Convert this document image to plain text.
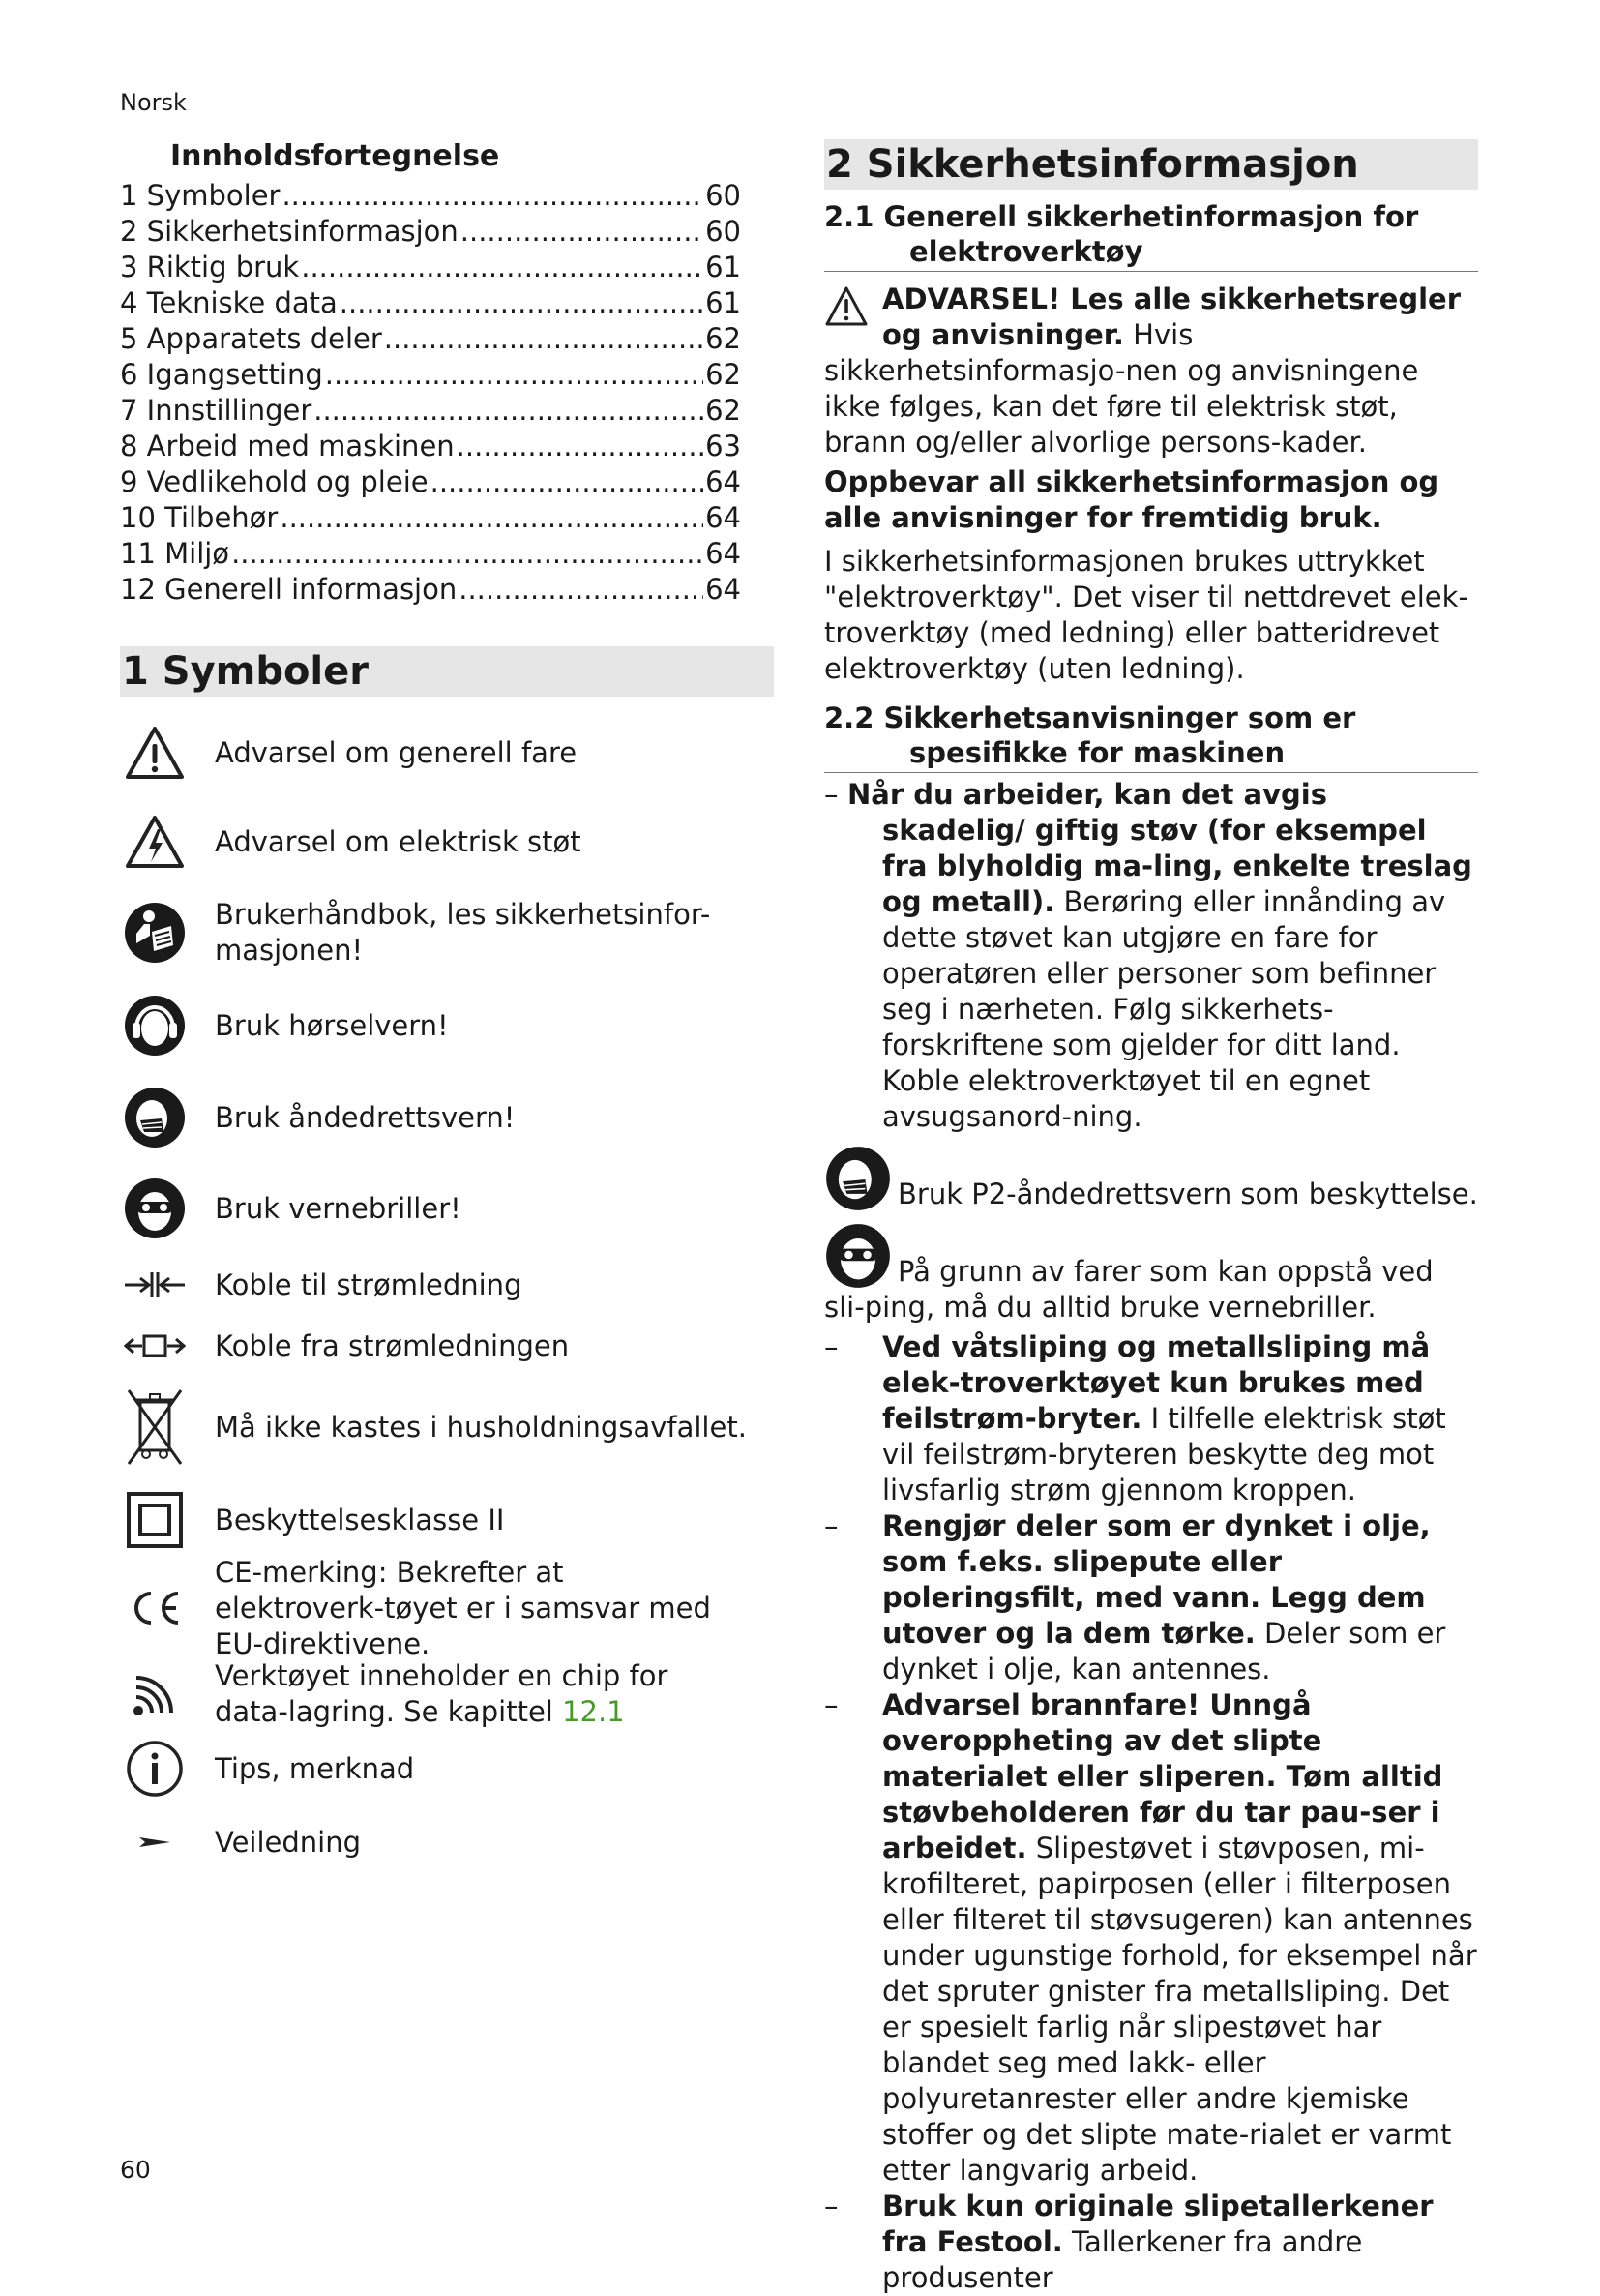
Norsk
Innholdsfortegnelse
1 Symboler .....	60
2 Sikkerhetsinformasjon .....	60
3 Riktig bruk .....	61
4 Tekniske data .....	61
5 Apparatets deler .....	62
6 Igangsetting .....	62
7 Innstillinger .....	62
8 Arbeid med maskinen .....	63
9 Vedlikehold og pleie .....	64
10 Tilbehør .....	64
11 Miljø .....	64
12 Generell informasjon .....	64
1 Symboler
Advarsel om generell fare
Advarsel om elektrisk støt
Brukerhåndbok, les sikkerhetsinfor-masjonen!
Bruk hørselvern!
Bruk åndedrettsvern!
Bruk vernebriller!
Koble til strømledning
Koble fra strømledningen
Må ikke kastes i husholdningsavfallet.
Beskyttelsesklasse II
CE-merking: Bekrefter at elektroverk-tøyet er i samsvar med EU-direktivene.
Verktøyet inneholder en chip for data-lagring. Se kapittel 12.1
Tips, merknad
Veiledning
2 Sikkerhetsinformasjon
2.1 Generell sikkerhetinformasjon for
elektroverktøy

ADVARSEL! Les alle sikkerhetsregler og anvisninger. Hvis sikkerhetsinformasjo-nen og anvisningene ikke følges, kan det føre til elektrisk støt, brann og/eller alvorlige persons-kader.

Oppbevar all sikkerhetsinformasjon og alle anvisninger for fremtidig bruk.

I sikkerhetsinformasjonen brukes uttrykket "elektroverktøy". Det viser til nettdrevet elek-troverktøy (med ledning) eller batteridrevet elektroverktøy (uten ledning).

2.2 Sikkerhetsanvisninger som er
spesifikke for maskinen
– Når du arbeider, kan det avgis skadelig/ giftig støv (for eksempel fra blyholdig ma-ling, enkelte treslag og metall). Berøring eller innånding av dette støvet kan utgjøre en fare for operatøren eller personer som befinner seg i nærheten. Følg sikkerhets-forskriftene som gjelder for ditt land. Koble elektroverktøyet til en egnet avsugsanord-ning.
Bruk P2-åndedrettsvern som beskyttelse.
På grunn av farer som kan oppstå ved sli-ping, må du alltid bruke vernebriller.
– Ved våtsliping og metallsliping må elek-troverktøyet kun brukes med feilstrøm-bryter. I tilfelle elektrisk støt vil feilstrøm-bryteren beskytte deg mot livsfarlig strøm gjennom kroppen.
– Rengjør deler som er dynket i olje, som f.eks. slipepute eller poleringsfilt, med vann. Legg dem utover og la dem tørke. Deler som er dynket i olje, kan antennes.
– Advarsel brannfare! Unngå overoppheting av det slipte materialet eller sliperen. Tøm alltid støvbeholderen før du tar pau-ser i arbeidet. Slipestøvet i støvposen, mi-krofilteret, papirposen (eller i filterposen eller filteret til støvsugeren) kan antennes under ugunstige forhold, for eksempel når det spruter gnister fra metallsliping. Det er spesielt farlig når slipestøvet har blandet seg med lakk- eller polyuretanrester eller andre kjemiske stoffer og det slipte mate-rialet er varmt etter langvarig arbeid.
– Bruk kun originale slipetallerkener fra Festool. Tallerkener fra andre produsenter
60
